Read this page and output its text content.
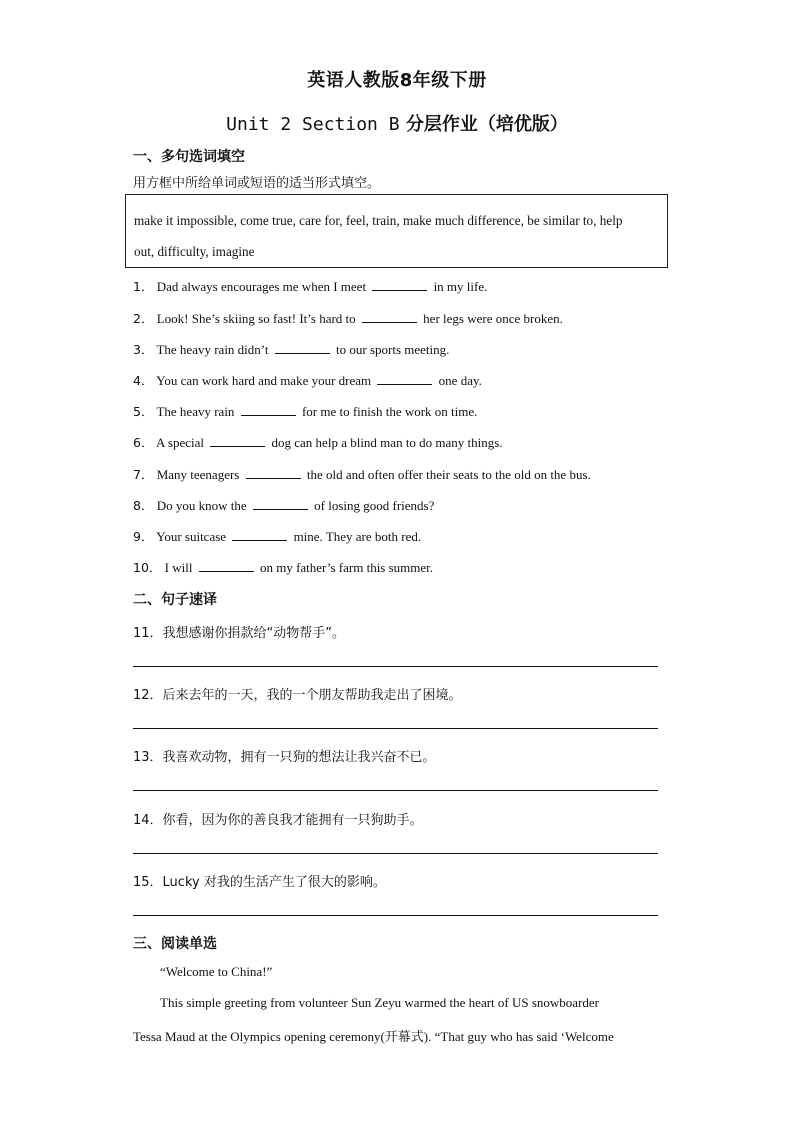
英语人教版8年级下册
Unit 2 Section B 分层作业（培优版）
一、多句选词填空
用方框中所给单词或短语的适当形式填空。
make it impossible, come true, care for, feel, train, make much difference, be similar to, help
out, difficulty, imagine
1． Dad always encourages me when I meet	in my life.
2． Look! She’s skiing so fast! It’s hard to	her legs were once broken.
3． The heavy rain didn’t	to our sports meeting.
4． You can work hard and make your dream	one day.
5． The heavy rain	for me to finish the work on time.
6． A special	dog can help a blind man to do many things.
7． Many teenagers	the old and often offer their seats to the old on the bus.
8． Do you know the	of losing good friends?
9． Your suitcase	mine. They are both red.
10． I will	on my father’s farm this summer.
二、句子速译
11．我想感谢你捐款给“动物帮手”。
12．后来去年的一天，我的一个朋友帮助我走出了困境。
13．我喜欢动物，拥有一只狗的想法让我兴奋不已。
14．你看，因为你的善良我才能拥有一只狗助手。
15．Lucky 对我的生活产生了很大的影响。
三、阅读单选
“Welcome to China!”
This simple greeting from volunteer Sun Zeyu warmed the heart of US snowboarder
Tessa Maud at the Olympics opening ceremony(开幕式). “That guy who has said ‘Welcome
